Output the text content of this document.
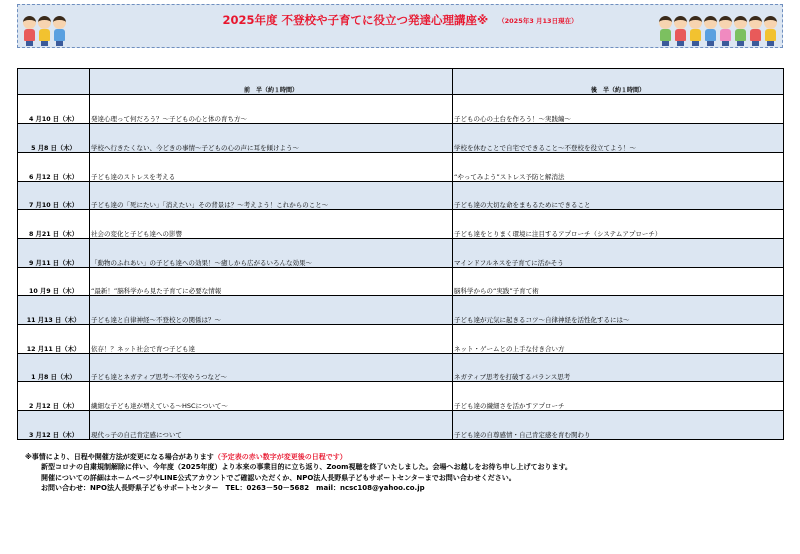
2025年度 不登校や子育てに役立つ発達心理講座※ （2025年3 月13日現在）
	前　半（約１時間）	後　半（約１時間）

4 月10 日（木）	発達心理って何だろう？～子どもの心と体の育ち方～	子どもの心の土台を作ろう！～実践編～
5 月8 日（木）	学校へ行きたくない、今どきの事情～子どもの心の声に耳を傾けよう～	学校を休むことで自宅でできること～不登校を役立てよう！～
6 月12 日（木）	子ども達のストレスを考える	“やってみよう”ストレス予防と解消法
7 月10 日（木）	子ども達の「死にたい」「消えたい」その背景は？～考えよう！これからのこと～	子ども達の大切な命をまもるためにできること
8 月21 日（木）	社会の変化と子ども達への影響	子ども達をとりまく環境に注目するアプローチ（システムアプローチ）
9 月11 日（木）	「動物のふれあい」の子ども達への効果！～癒しから広がるいろんな効果～	マインドフルネスを子育てに活かそう
10 月9 日（木）	“最新！”脳科学から見た子育てに必要な情報	脳科学からの“実践”子育て術
11 月13 日（木）	子ども達と自律神経～不登校との関係は？～	子ども達が元気に起きるコツ～自律神経を活性化するには～
12 月11 日（木）	依存！？ネット社会で育つ子ども達	ネット・ゲームとの上手な付き合い方
1 月8 日（木）	子ども達とネガティブ思考～不安やうつなど～	ネガティブ思考を打破するバランス思考
2 月12 日（木）	繊細な子ども達が増えている～HSCについて～	子ども達の繊細さを活かすアプローチ
3 月12 日（木）	現代っ子の自己肯定感について	子ども達の自尊感情・自己肯定感を育む関わり
※事情により、日程や開催方法が変更になる場合があります（予定表の赤い数字が変更後の日程です）
新型コロナの自粛規制解除に伴い、今年度（2025年度）より本来の事業目的に立ち返り、Zoom視聴を終了いたしました。会場へお越しをお待ち申し上げております。
開催についての詳細はホームページやLINE公式アカウントでご確認いただくか、NPO法人長野県子どもサポートセンターまでお問い合わせください。
お問い合わせ：NPO法人長野県子どもサポートセンター　TEL：0263－50－5682　mail：ncsc108@yahoo.co.jp
